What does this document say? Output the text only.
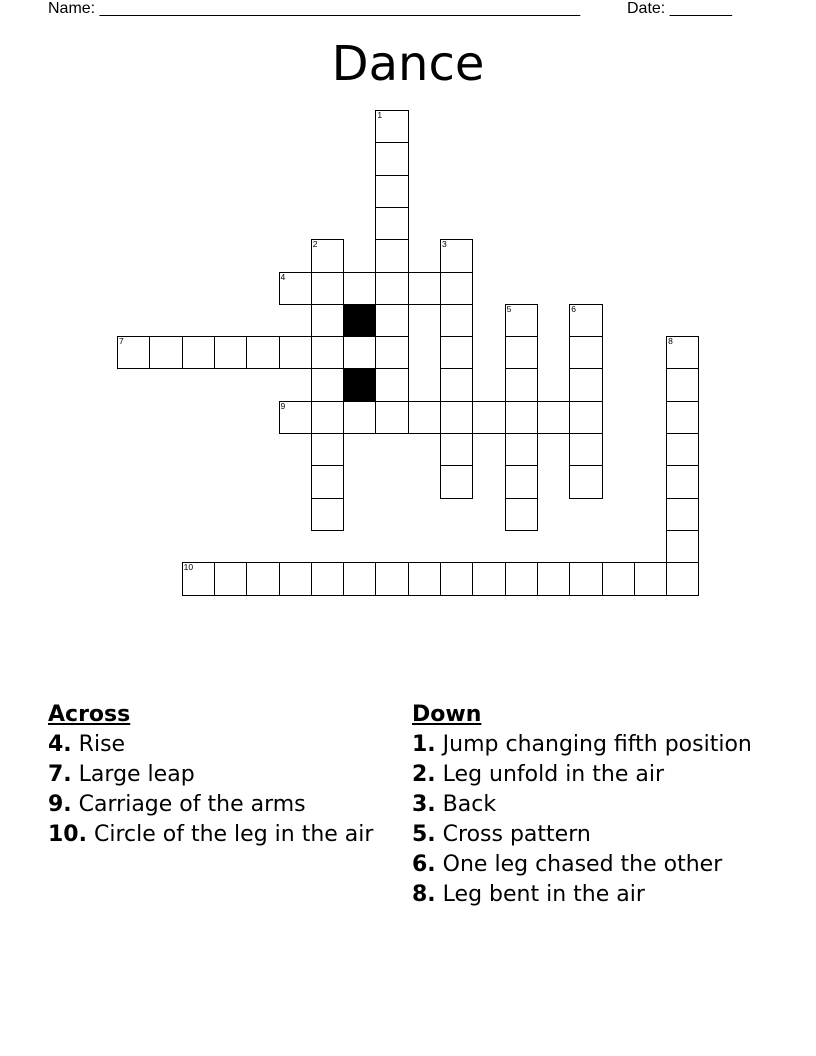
Name: ______________________________________________________	Date: _______
Dance
1
2	3
4
5	6
7	8
9
10
Across
4. Rise
7. Large leap
9. Carriage of the arms
10. Circle of the leg in the air
Down
1. Jump changing fifth position
2. Leg unfold in the air
3. Back
5. Cross pattern
6. One leg chased the other
8. Leg bent in the air
